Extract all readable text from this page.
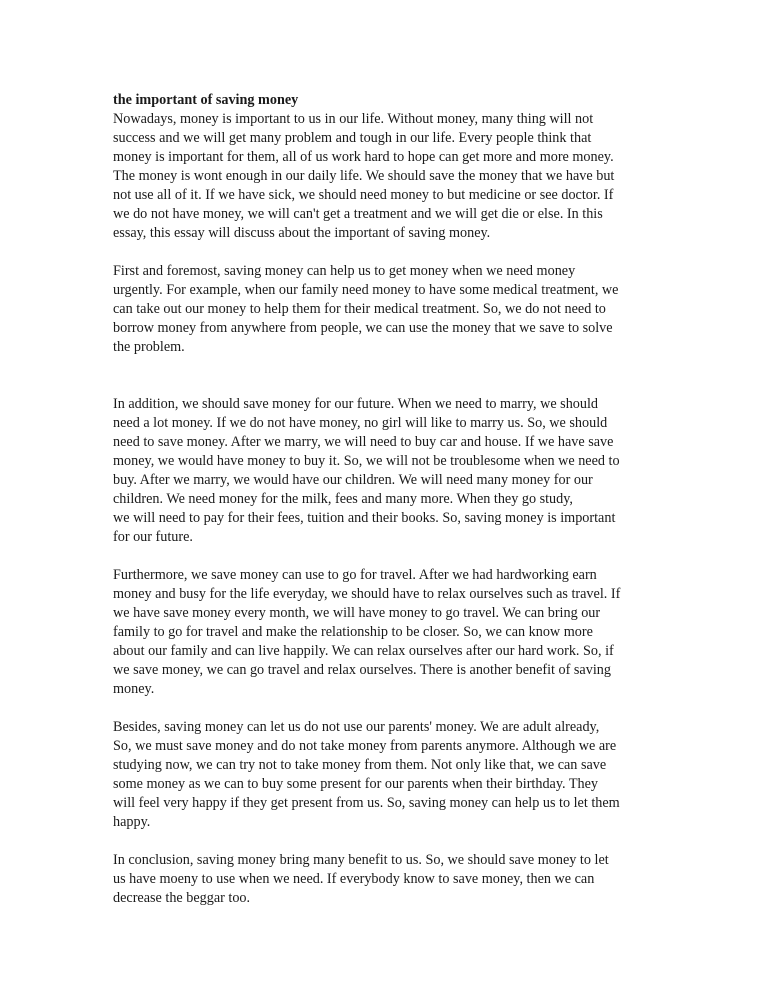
the important of saving money
Nowadays, money is important to us in our life. Without money, many thing will not
success and we will get many problem and tough in our life. Every people think that
money is important for them, all of us work hard to hope can get more and more money.
The money is wont enough in our daily life. We should save the money that we have but
not use all of it. If we have sick, we should need money to but medicine or see doctor. If
we do not have money, we will can't get a treatment and we will get die or else. In this
essay, this essay will discuss about the important of saving money.
First and foremost, saving money can help us to get money when we need money
urgently. For example, when our family need money to have some medical treatment, we
can take out our money to help them for their medical treatment. So, we do not need to
borrow money from anywhere from people, we can use the money that we save to solve
the problem.
In addition, we should save money for our future. When we need to marry, we should
need a lot money. If we do not have money, no girl will like to marry us. So, we should
need to save money. After we marry, we will need to buy car and house. If we have save
money, we would have money to buy it. So, we will not be troublesome when we need to
buy. After we marry, we would have our children. We will need many money for our
children. We need money for the milk, fees and many more. When they go study,
we will need to pay for their fees, tuition and their books. So, saving money is important
for our future.
Furthermore, we save money can use to go for travel. After we had hardworking earn
money and busy for the life everyday, we should have to relax ourselves such as travel. If
we have save money every month, we will have money to go travel. We can bring our
family to go for travel and make the relationship to be closer. So, we can know more
about our family and can live happily. We can relax ourselves after our hard work. So, if
we save money, we can go travel and relax ourselves. There is another benefit of saving
money.
Besides, saving money can let us do not use our parents' money. We are adult already,
So, we must save money and do not take money from parents anymore. Although we are
studying now, we can try not to take money from them. Not only like that, we can save
some money as we can to buy some present for our parents when their birthday. They
will feel very happy if they get present from us. So, saving money can help us to let them
happy.
In conclusion, saving money bring many benefit to us. So, we should save money to let
us have moeny to use when we need. If everybody know to save money, then we can
decrease the beggar too.
